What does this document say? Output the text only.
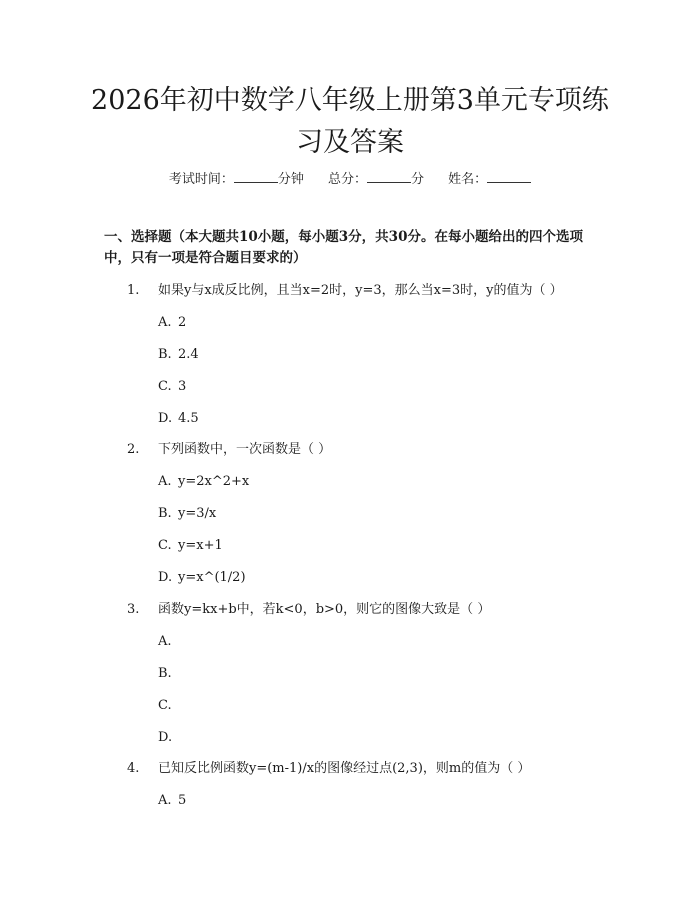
2026年初中数学八年级上册第3单元专项练
习及答案
考试时间：	分钟 总分：	分 姓名：

一、选择题（本大题共10小题，每小题3分，共30分。在每小题给出的四个选项中，只有一项是符合题目要求的）

1. 如果y与x成反比例，且当x=2时，y=3，那么当x=3时，y的值为（ ）
A. 2
B. 2.4
C. 3
D. 4.5
2. 下列函数中，一次函数是（ ）
A. y=2x^2+x
B. y=3/x
C. y=x+1
D. y=x^(1/2)
3. 函数y=kx+b中，若k<0，b>0，则它的图像大致是（ ）
A.
B.
C.
D.
4. 已知反比例函数y=(m-1)/x的图像经过点(2,3)，则m的值为（ ）
A. 5
